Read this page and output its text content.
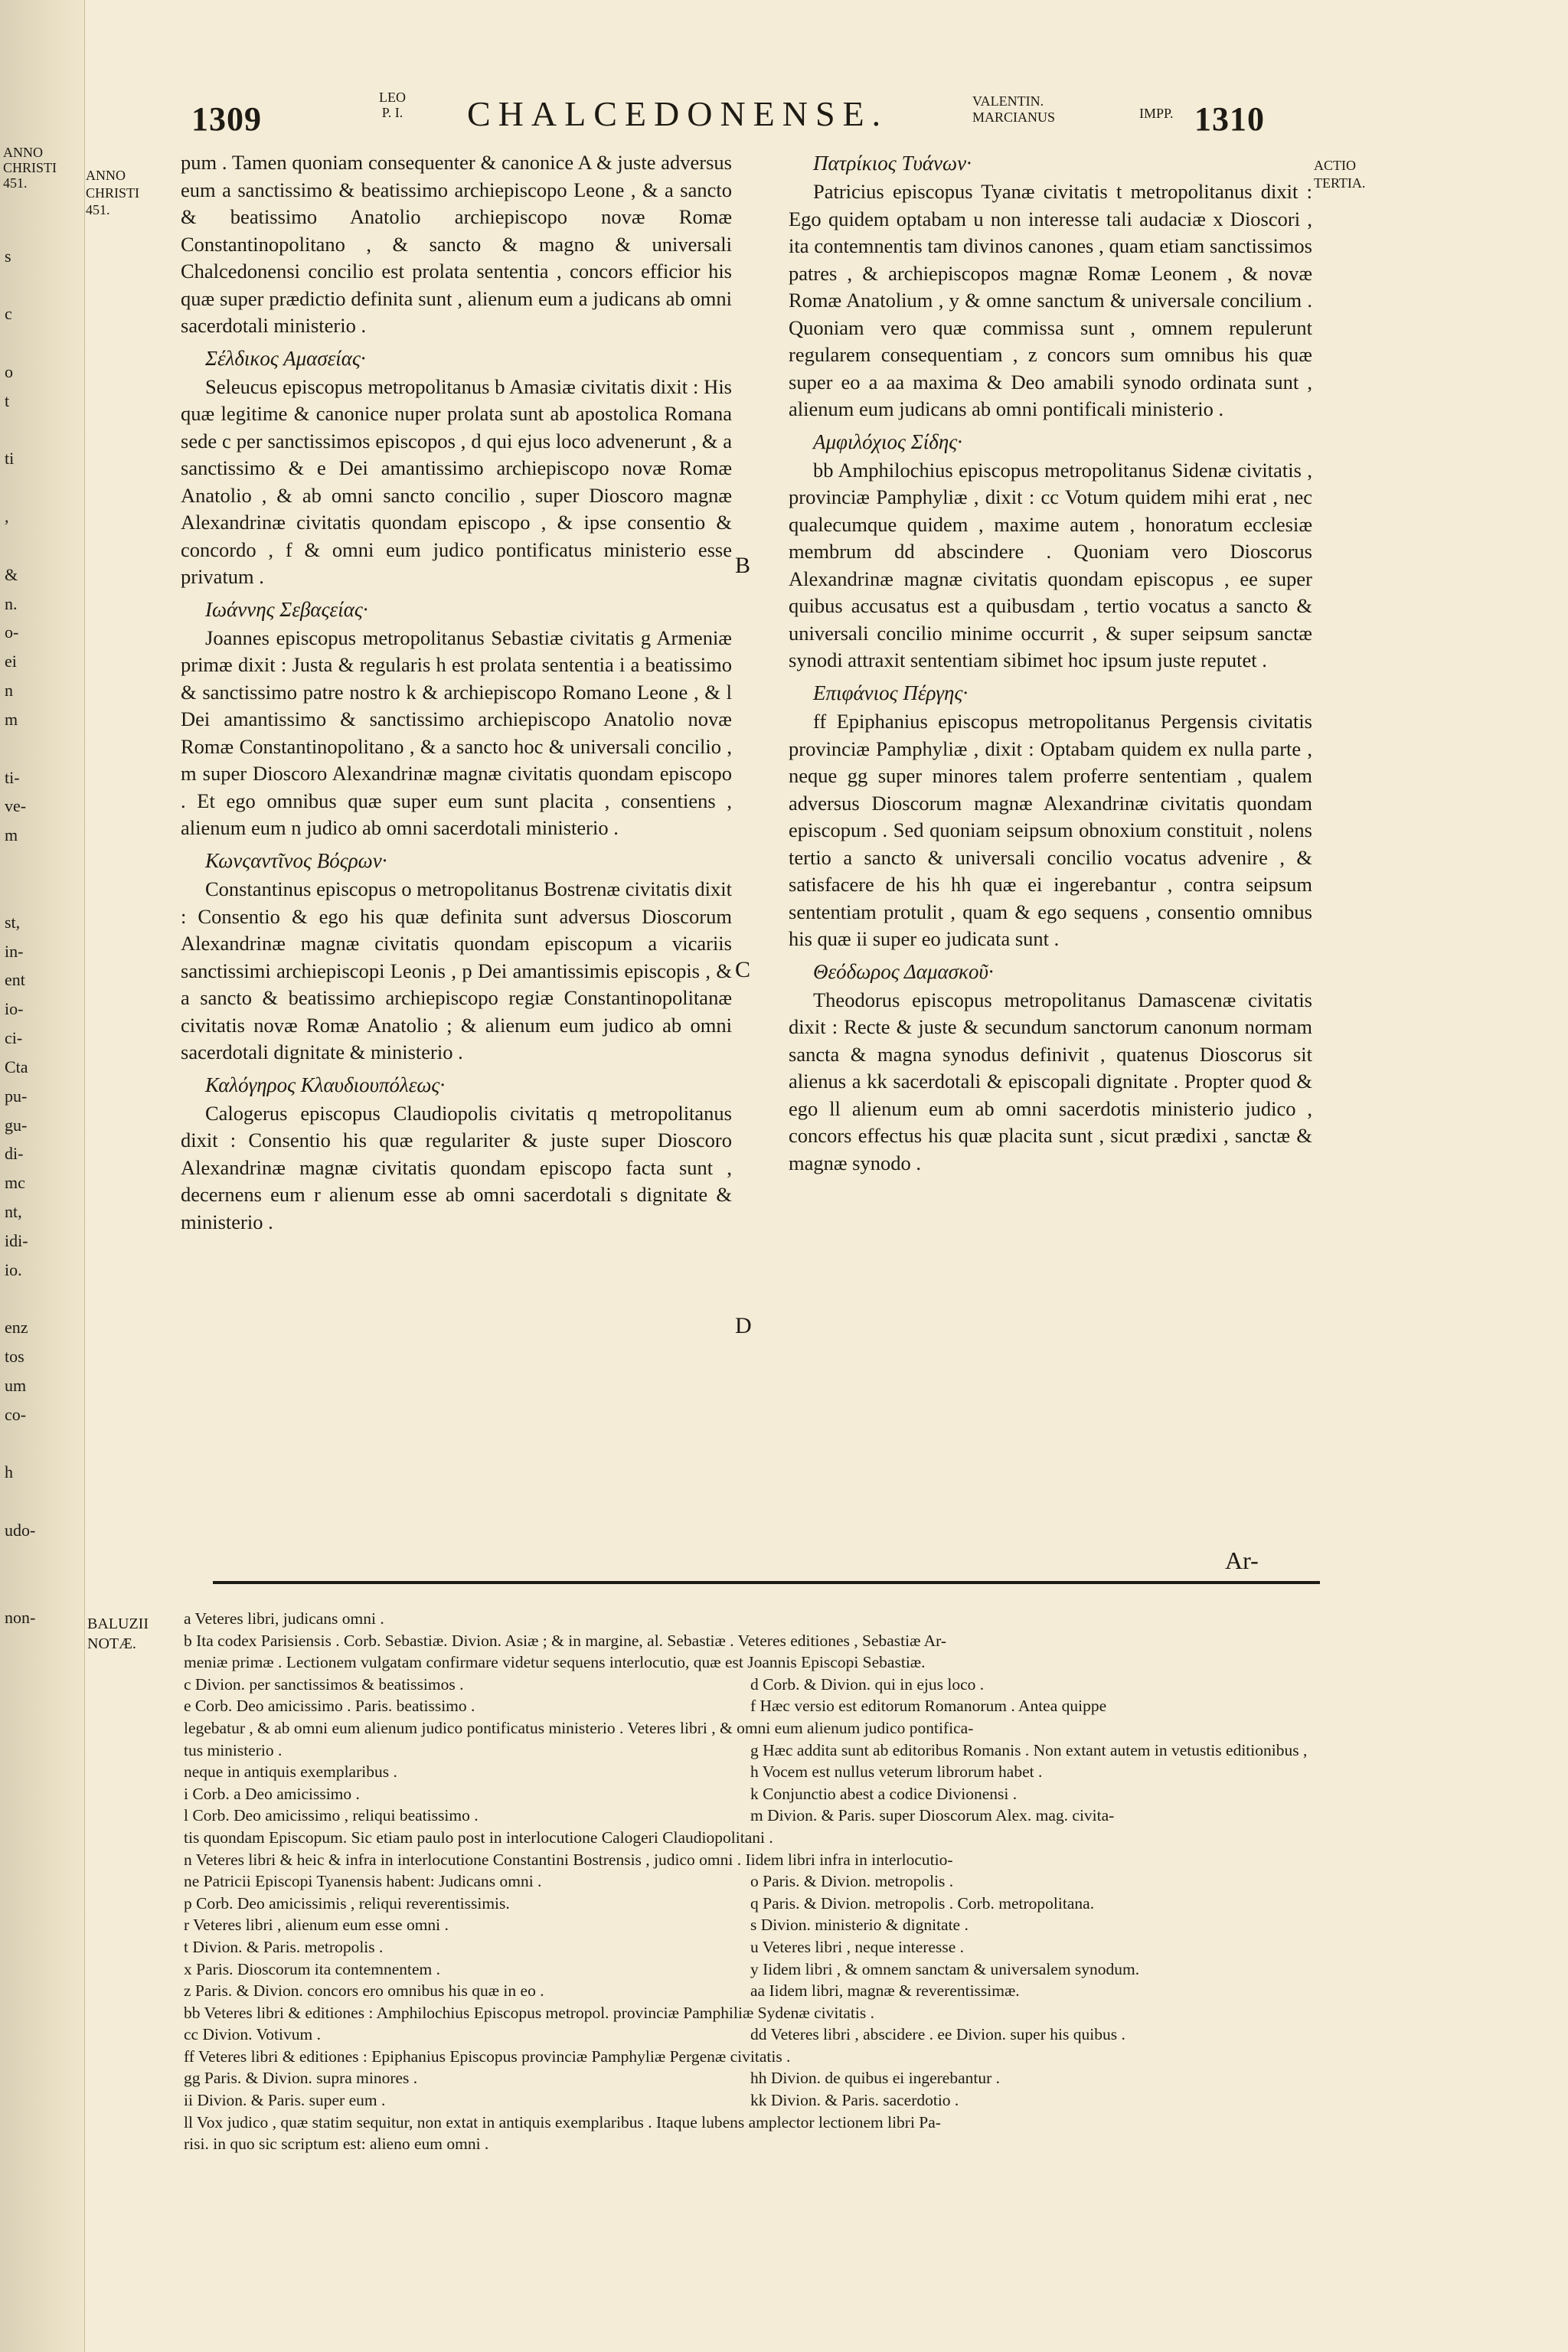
ANNO
CHRISTI
451.

s

c

o
t

ti

,

&
n.
o-
ei
n
m

ti-
ve-
m

st,
in-
ent
io-
ci-
Cta
pu-
gu-
di-
mc
nt,
idi-
io.

enz
tos
um
co-

h

udo-

non-
1309
LEO
P. I. CHALCEDONENSE.	VALENTIN.
MARCIANUS	IMPP. 1310
ANNO
CHRISTI
451.
ACTIO
TERTIA.

pum . Tamen quoniam consequenter & canonice A & juste adversus eum a sanctissimo & beatissimo archiepiscopo Leone , & a sancto & beatissimo Anatolio archiepiscopo novæ Romæ Constantinopolitano , & sancto & magno & universali Chalcedonensi concilio est prolata sententia , concors efficior his quæ super prædictio definita sunt , alienum eum a judicans ab omni sacerdotali ministerio .

Σέλδικος Αμασείας·

Seleucus episcopus metropolitanus b Amasiæ civitatis dixit : His quæ legitime & canonice nuper prolata sunt ab apostolica Romana sede c per sanctissimos episcopos , d qui ejus loco advenerunt , & a sanctissimo & e Dei amantissimo archiepiscopo novæ Romæ Anatolio , & ab omni sancto concilio , super Dioscoro magnæ Alexandrinæ civitatis quondam episcopo , & ipse consentio & concordo , f & omni eum judico pontificatus ministerio esse privatum .

Ιωάννης Σεβαςείας·

Joannes episcopus metropolitanus Sebastiæ civitatis g Armeniæ primæ dixit : Justa & regularis h est prolata sententia i a beatissimo & sanctissimo patre nostro k & archiepiscopo Romano Leone , & l Dei amantissimo & sanctissimo archiepiscopo Anatolio novæ Romæ Constantinopolitano , & a sancto hoc & universali concilio , m super Dioscoro Alexandrinæ magnæ civitatis quondam episcopo . Et ego omnibus quæ super eum sunt placita , consentiens , alienum eum n judico ab omni sacerdotali ministerio .

Κωνςαντῖνος Βόςρων·

Constantinus episcopus o metropolitanus Bostrenæ civitatis dixit : Consentio & ego his quæ definita sunt adversus Dioscorum Alexandrinæ magnæ civitatis quondam episcopum a vicariis sanctissimi archiepiscopi Leonis , p Dei amantissimis episcopis , & a sancto & beatissimo archiepiscopo regiæ Constantinopolitanæ civitatis novæ Romæ Anatolio ; & alienum eum judico ab omni sacerdotali dignitate & ministerio .

Καλόγηρος Κλαυδιουπόλεως·

Calogerus episcopus Claudiopolis civitatis q metropolitanus dixit : Consentio his quæ regulariter & juste super Dioscoro Alexandrinæ magnæ civitatis quondam episcopo facta sunt , decernens eum r alienum esse ab omni sacerdotali s dignitate & ministerio .

B
C
D
Πατρίκιος Τυάνων·

Patricius episcopus Tyanæ civitatis t metropolitanus dixit : Ego quidem optabam u non interesse tali audaciæ x Dioscori , ita contemnentis tam divinos canones , quam etiam sanctissimos patres , & archiepiscopos magnæ Romæ Leonem , & novæ Romæ Anatolium , y & omne sanctum & universale concilium . Quoniam vero quæ commissa sunt , omnem repulerunt regularem consequentiam , z concors sum omnibus his quæ super eo a aa maxima & Deo amabili synodo ordinata sunt , alienum eum judicans ab omni pontificali ministerio .

Αμφιλόχιος Σίδης·

bb Amphilochius episcopus metropolitanus Sidenæ civitatis , provinciæ Pamphyliæ , dixit : cc Votum quidem mihi erat , nec qualecumque quidem , maxime autem , honoratum ecclesiæ membrum dd abscindere . Quoniam vero Dioscorus Alexandrinæ magnæ civitatis quondam episcopus , ee super quibus accusatus est a quibusdam , tertio vocatus a sancto & universali concilio minime occurrit , & super seipsum sanctæ synodi attraxit sententiam sibimet hoc ipsum juste reputet .

Επιφάνιος Πέργης·

ff Epiphanius episcopus metropolitanus Pergensis civitatis provinciæ Pamphyliæ , dixit : Optabam quidem ex nulla parte , neque gg super minores talem proferre sententiam , qualem adversus Dioscorum magnæ Alexandrinæ civitatis quondam episcopum . Sed quoniam seipsum obnoxium constituit , nolens tertio a sancto & universali concilio vocatus advenire , & satisfacere de his hh quæ ei ingerebantur , contra seipsum sententiam protulit , quam & ego sequens , consentio omnibus his quæ ii super eo judicata sunt .

Θεόδωρος Δαμασκοῦ·

Theodorus episcopus metropolitanus Damascenæ civitatis dixit : Recte & juste & secundum sanctorum canonum normam sancta & magna synodus definivit , quatenus Dioscorus sit alienus a kk sacerdotali & episcopali dignitate . Propter quod & ego ll alienum eum ab omni sacerdotis ministerio judico , concors effectus his quæ placita sunt , sicut prædixi , sanctæ & magnæ synodo .

Ar-
BALUZII
NOTÆ.
a Veteres libri, judicans omni .
b Ita codex Parisiensis . Corb. Sebastiæ. Divion. Asiæ ; & in margine, al. Sebastiæ . Veteres editiones , Sebastiæ Ar-
meniæ primæ . Lectionem vulgatam confirmare videtur sequens interlocutio, quæ est Joannis Episcopi Sebastiæ.
c Divion. per sanctissimos & beatissimos .	d Corb. & Divion. qui in ejus loco .
e Corb. Deo amicissimo . Paris. beatissimo .	f Hæc versio est editorum Romanorum . Antea quippe
legebatur , & ab omni eum alienum judico pontificatus ministerio . Veteres libri , & omni eum alienum judico pontifica-
tus ministerio .	g Hæc addita sunt ab editoribus Romanis . Non extant autem in vetustis editionibus ,
neque in antiquis exemplaribus .	h Vocem est nullus veterum librorum habet .
i Corb. a Deo amicissimo .	k Conjunctio abest a codice Divionensi .
l Corb. Deo amicissimo , reliqui beatissimo .	m Divion. & Paris. super Dioscorum Alex. mag. civita-
tis quondam Episcopum. Sic etiam paulo post in interlocutione Calogeri Claudiopolitani .
n Veteres libri & heic & infra in interlocutione Constantini Bostrensis , judico omni . Iidem libri infra in interlocutio-
ne Patricii Episcopi Tyanensis habent: Judicans omni .	o Paris. & Divion. metropolis .
p Corb. Deo amicissimis , reliqui reverentissimis.	q Paris. & Divion. metropolis . Corb. metropolitana.
r Veteres libri , alienum eum esse omni .	s Divion. ministerio & dignitate .
t Divion. & Paris. metropolis .	u Veteres libri , neque interesse .
x Paris. Dioscorum ita contemnentem .	y Iidem libri , & omnem sanctam & universalem synodum.
z Paris. & Divion. concors ero omnibus his quæ in eo .	aa Iidem libri, magnæ & reverentissimæ.
bb Veteres libri & editiones : Amphilochius Episcopus metropol. provinciæ Pamphiliæ Sydenæ civitatis .
cc Divion. Votivum .	dd Veteres libri , abscidere . ee Divion. super his quibus .
ff Veteres libri & editiones : Epiphanius Episcopus provinciæ Pamphyliæ Pergenæ civitatis .
gg Paris. & Divion. supra minores .	hh Divion. de quibus ei ingerebantur .
ii Divion. & Paris. super eum .	kk Divion. & Paris. sacerdotio .
ll Vox judico , quæ statim sequitur, non extat in antiquis exemplaribus . Itaque lubens amplector lectionem libri Pa-
risi. in quo sic scriptum est: alieno eum omni .
